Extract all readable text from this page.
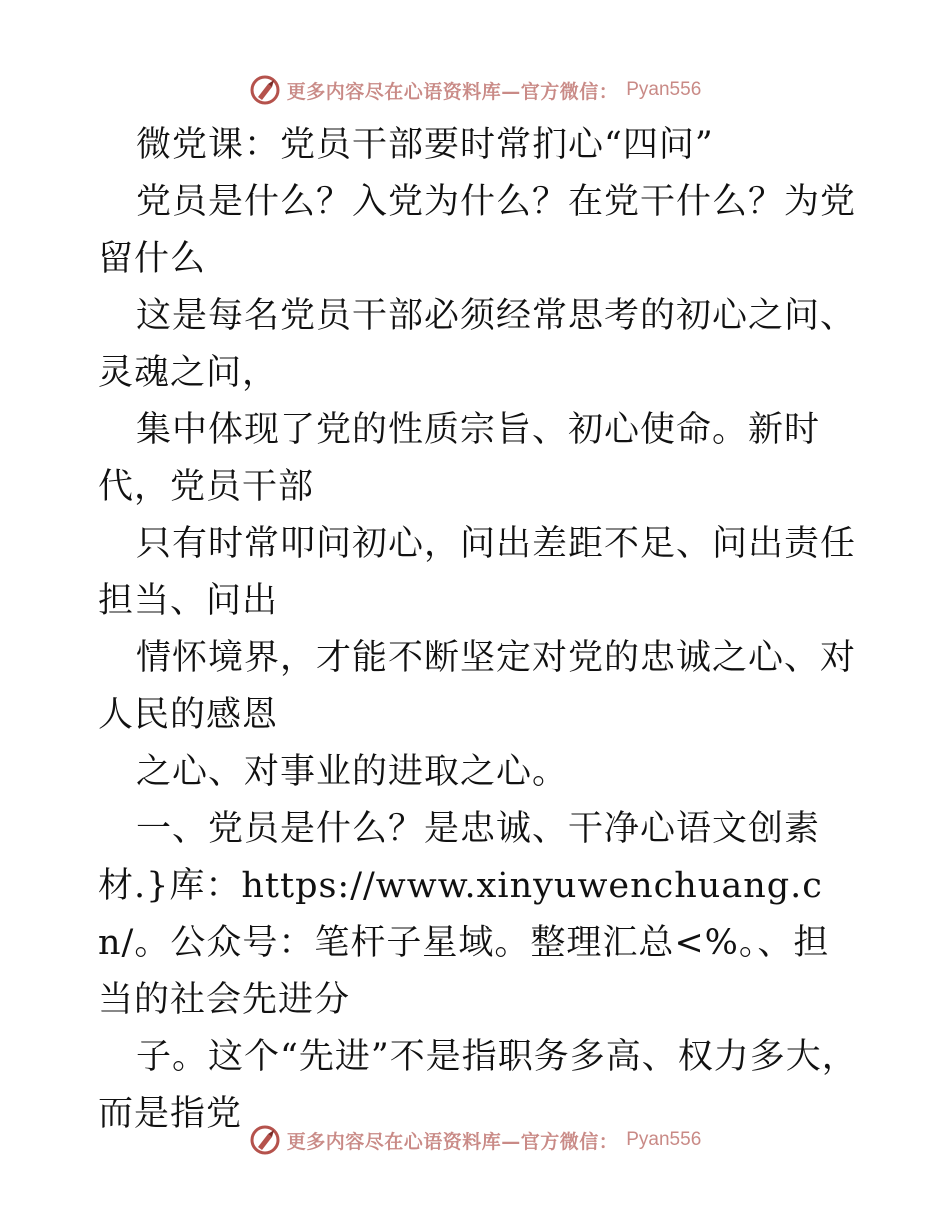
更多内容尽在心语资料库—官方微信： Pyan556

微党课：党员干部要时常扪心“四问”

党员是什么？入党为什么？在党干什么？为党留什么

这是每名党员干部必须经常思考的初心之问、灵魂之问，

集中体现了党的性质宗旨、初心使命。新时代，党员干部

只有时常叩问初心，问出差距不足、问出责任担当、问出

情怀境界，才能不断坚定对党的忠诚之心、对人民的感恩

之心、对事业的进取之心。

一、党员是什么？是忠诚、干净心语文创素材.}库：https://www.xinyuwenchuang.cn/。公众号：笔杆子星域。整理汇总<%。、担当的社会先进分

子。这个“先进”不是指职务多高、权力多大，而是指党

更多内容尽在心语资料库—官方微信： Pyan556
